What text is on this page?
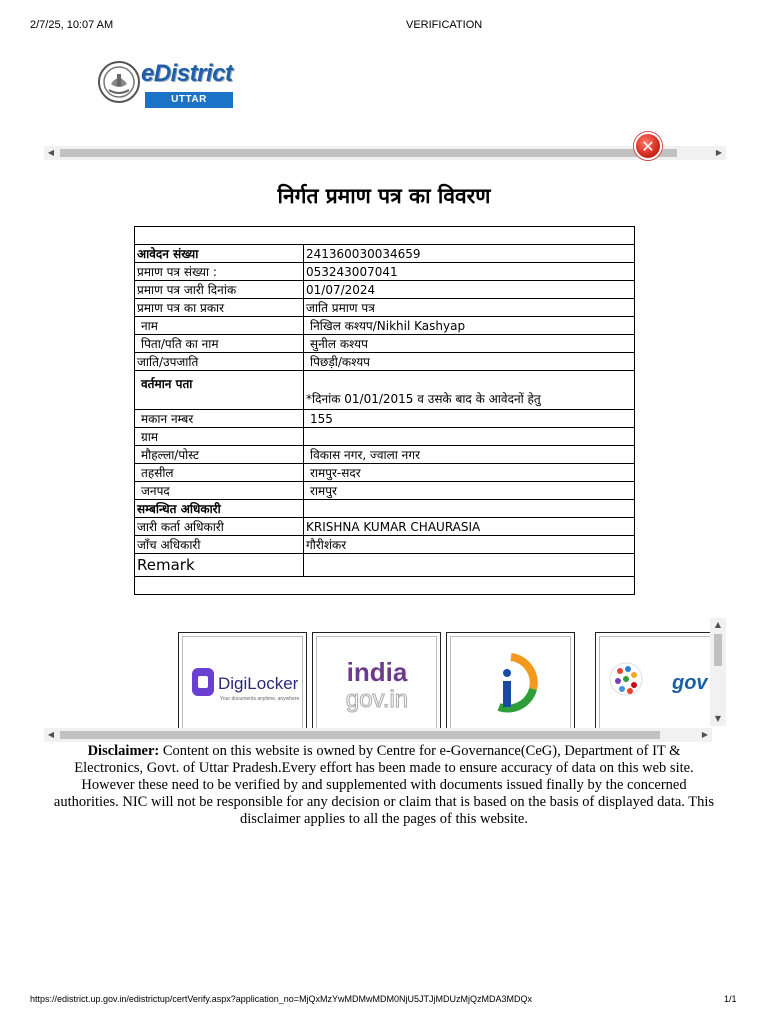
2/7/25, 10:07 AM	VERIFICATION
eDistrict
UTTAR PRADESH
◀	▶
✕
निर्गत प्रमाण पत्र का विवरण

आवेदन संख्या	241360030034659
प्रमाण पत्र संख्या :	053243007041
प्रमाण पत्र जारी दिनांक	01/07/2024
प्रमाण पत्र का प्रकार	जाति प्रमाण पत्र
नाम	निखिल कश्यप/Nikhil Kashyap
पिता/पति का नाम	सुनील कश्यप
जाति/उपजाति	पिछड़ी/कश्यप
वर्तमान पता	*दिनांक 01/01/2015 व उसके बाद के आवेदनों हेतु
मकान नम्बर	155
ग्राम	
मौहल्ला/पोस्ट	विकास नगर, ज्वाला नगर
तहसील	रामपुर-सदर
जनपद	रामपुर
सम्बन्धित अधिकारी	
जारी कर्ता अधिकारी	KRISHNA KUMAR CHAURASIA
जाँच अधिकारी	गौरीशंकर
Remark	

DigiLocker
Your documents anytime, anywhere
india
gov.in
gov
▲
▼
◀	▶
Disclaimer: Content on this website is owned by Centre for e-Governance(CeG), Department of IT & Electronics, Govt. of Uttar Pradesh.Every effort has been made to ensure accuracy of data on this web site. However these need to be verified by and supplemented with documents issued finally by the concerned authorities. NIC will not be responsible for any decision or claim that is based on the basis of displayed data. This disclaimer applies to all the pages of this website.
https://edistrict.up.gov.in/edistrictup/certVerify.aspx?application_no=MjQxMzYwMDMwMDM0NjU5JTJjMDUzMjQzMDA3MDQx	1/1
